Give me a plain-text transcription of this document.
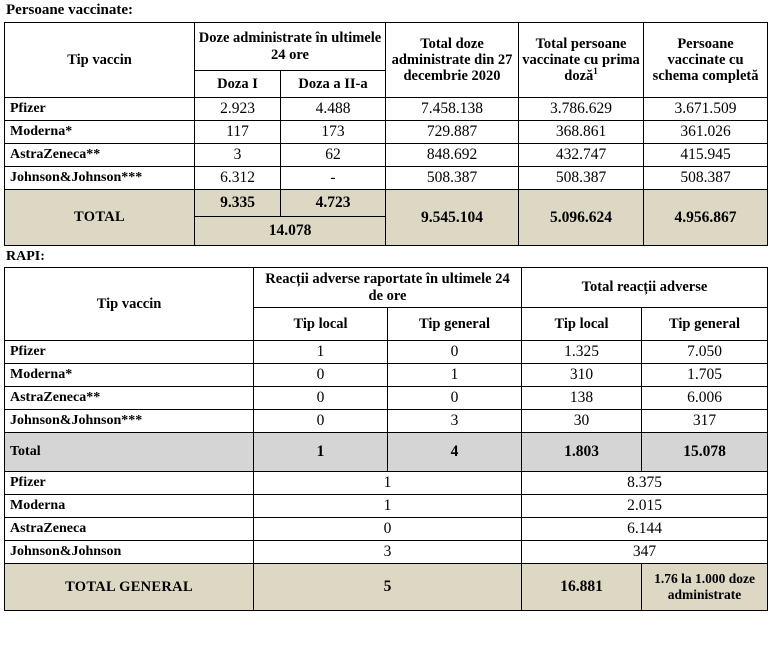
Persoane vaccinate:
Tip vaccin	Doze administrate în ultimele 24 ore		Total doze administrate din 27 decembrie 2020	Total persoane vaccinate cu prima doză$^1$	Persoane vaccinate cu schema completă
	Doza I	Doza a II-a			
Pfizer	2.923	4.488	7.458.138	3.786.629	3.671.509
Moderna*	117	173	729.887	368.861	361.026
AstraZeneca**	3	62	848.692	432.747	415.945
Johnson&Johnson***	6.312	-	508.387	508.387	508.387
TOTAL	9.335	4.723	9.545.104	5.096.624	4.956.867
	14.078				
RAPI:
Tip vaccin	Reacții adverse raportate în ultimele 24 de ore		Total reacții adverse	
	Tip local	Tip general	Tip local	Tip general
Pfizer	1	0	1.325	7.050
Moderna*	0	1	310	1.705
AstraZeneca**	0	0	138	6.006
Johnson&Johnson***	0	3	30	317
Total	1	4	1.803	15.078
Pfizer	1		8.375	
Moderna	1		2.015	
AstraZeneca	0		6.144	
Johnson&Johnson	3		347	
TOTAL GENERAL	5		16.881	1.76 la 1.000 doze administrate
